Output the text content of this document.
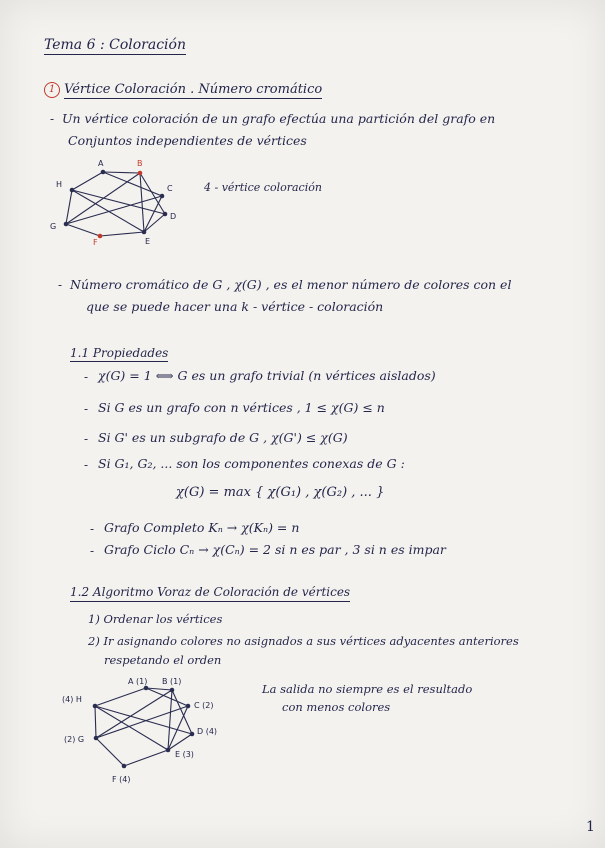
Tema 6 : Coloración
1 Vértice Coloración . Número cromático
- Un vértice coloración de un grafo efectúa una partición del grafo en
Conjuntos independientes de vértices
A	B
C
D
E
F
G
H	4 - vértice coloración
- Número cromático de G , χ(G) , es el menor número de colores con el
que se puede hacer una k - vértice - coloración
1.1 Propiedades
- χ(G) = 1 ⟺ G es un grafo trivial (n vértices aislados)
- Si G es un grafo con n vértices , 1 ≤ χ(G) ≤ n
- Si G' es un subgrafo de G , χ(G') ≤ χ(G)
- Si G₁, G₂, ... son los componentes conexas de G :
χ(G) = max { χ(G₁) , χ(G₂) , ... }
- Grafo Completo Kₙ → χ(Kₙ) = n
- Grafo Ciclo Cₙ → χ(Cₙ) = 2 si n es par , 3 si n es impar
1.2 Algoritmo Voraz de Coloración de vértices
1) Ordenar los vértices
2) Ir asignando colores no asignados a sus vértices adyacentes anteriores
respetando el orden
A (1) B (1)
C (2)
D (4)
E (3)
F (4)
(2) G
(4) H
La salida no siempre es el resultado
con menos colores
1
